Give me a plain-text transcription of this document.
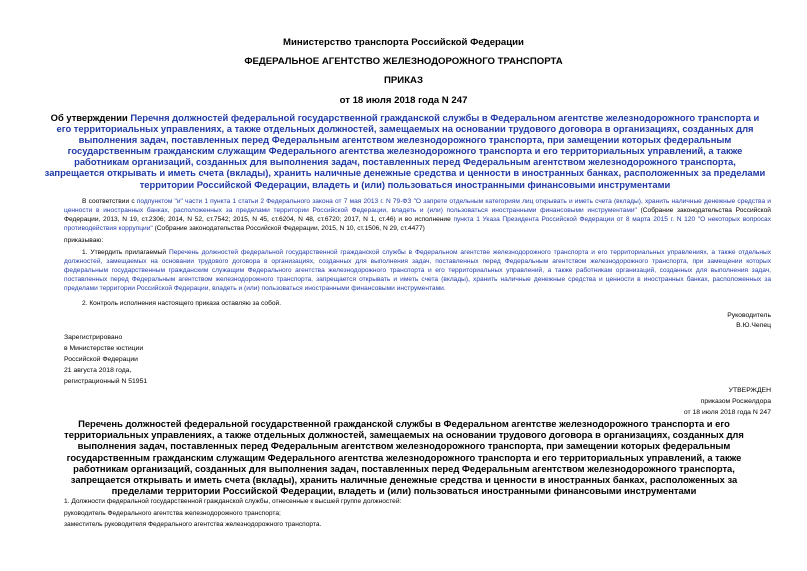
Министерство транспорта Российской Федерации
ФЕДЕРАЛЬНОЕ АГЕНТСТВО ЖЕЛЕЗНОДОРОЖНОГО ТРАНСПОРТА
ПРИКАЗ
от 18 июля 2018 года N 247
Об утверждении Перечня должностей федеральной государственной гражданской службы в Федеральном агентстве железнодорожного транспорта и его территориальных управлениях, а также отдельных должностей, замещаемых на основании трудового договора в организациях, созданных для выполнения задач, поставленных перед Федеральным агентством железнодорожного транспорта, при замещении которых федеральным государственным гражданским служащим Федерального агентства железнодорожного транспорта и его территориальных управлений, а также работникам организаций, созданных для выполнения задач, поставленных перед Федеральным агентством железнодорожного транспорта, запрещается открывать и иметь счета (вклады), хранить наличные денежные средства и ценности в иностранных банках, расположенных за пределами территории Российской Федерации, владеть и (или) пользоваться иностранными финансовыми инструментами
В соответствии с подпунктом "и" части 1 пункта 1 статьи 2 Федерального закона от 7 мая 2013 г. N 79-ФЗ "О запрете отдельным категориям лиц открывать и иметь счета (вклады), хранить наличные денежные средства и ценности в иностранных банках, расположенных за пределами территории Российской Федерации, владеть и (или) пользоваться иностранными финансовыми инструментами" (Собрание законодательства Российской Федерации, 2013, N 19, ст.2306; 2014, N 52, ст.7542; 2015, N 45, ст.6204, N 48, ст.6720; 2017, N 1, ст.46) и во исполнение пункта 1 Указа Президента Российской Федерации от 8 марта 2015 г. N 120 "О некоторых вопросах противодействия коррупции" (Собрание законодательства Российской Федерации, 2015, N 10, ст.1506, N 29, ст.4477)
приказываю:
1. Утвердить прилагаемый Перечень должностей федеральной государственной гражданской службы в Федеральном агентстве железнодорожного транспорта и его территориальных управлениях, а также отдельных должностей, замещаемых на основании трудового договора в организациях, созданных для выполнения задач, поставленных перед Федеральным агентством железнодорожного транспорта, при замещении которых федеральным государственным гражданским служащим Федерального агентства железнодорожного транспорта и его территориальных управлений, а также работникам организаций, созданных для выполнения задач, поставленных перед Федеральным агентством железнодорожного транспорта, запрещается открывать и иметь счета (вклады), хранить наличные денежные средства и ценности в иностранных банках, расположенных за пределами территории Российской Федерации, владеть и (или) пользоваться иностранными финансовыми инструментами.
2. Контроль исполнения настоящего приказа оставляю за собой.
Руководитель
В.Ю.Чепец
Зарегистрировано
в Министерстве юстиции
Российской Федерации
21 августа 2018 года,
регистрационный N 51951
УТВЕРЖДЕН
приказом Росжелдора
от 18 июля 2018 года N 247
Перечень должностей федеральной государственной гражданской службы в Федеральном агентстве железнодорожного транспорта и его территориальных управлениях, а также отдельных должностей, замещаемых на основании трудового договора в организациях, созданных для выполнения задач, поставленных перед Федеральным агентством железнодорожного транспорта, при замещении которых федеральным государственным гражданским служащим Федерального агентства железнодорожного транспорта и его территориальных управлений, а также работникам организаций, созданных для выполнения задач, поставленных перед Федеральным агентством железнодорожного транспорта, запрещается открывать и иметь счета (вклады), хранить наличные денежные средства и ценности в иностранных банках, расположенных за пределами территории Российской Федерации, владеть и (или) пользоваться иностранными финансовыми инструментами
1. Должности федеральной государственной гражданской службы, отнесенные к высшей группе должностей:
руководитель Федерального агентства железнодорожного транспорта;
заместитель руководителя Федерального агентства железнодорожного транспорта.
